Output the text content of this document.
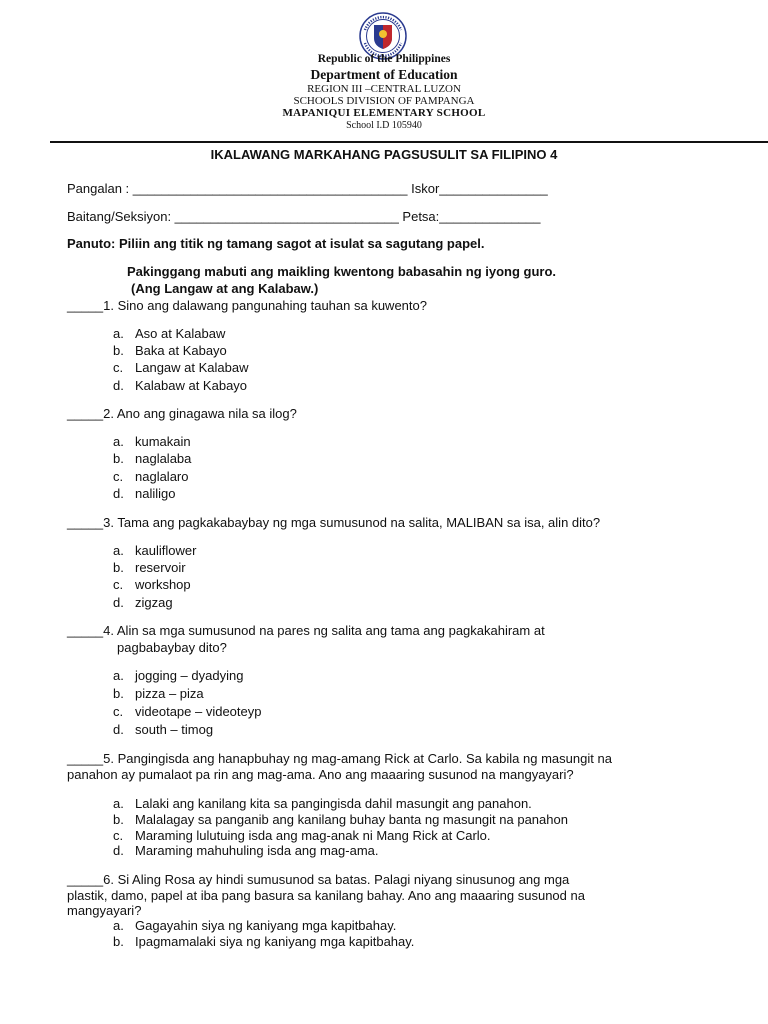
Republic of the Philippines
Department of Education
REGION III –CENTRAL LUZON
SCHOOLS DIVISION OF PAMPANGA
MAPANIQUI ELEMENTARY SCHOOL
School I.D 105940
IKALAWANG MARKAHANG PAGSUSULIT SA FILIPINO 4
Pangalan : ______________________________________ Iskor_______________
Baitang/Seksiyon: _______________________________ Petsa:______________
Panuto: Piliin ang titik ng tamang sagot at isulat sa sagutang papel.
Pakinggang mabuti ang maikling kwentong babasahin ng iyong guro.
(Ang Langaw at ang Kalabaw.)
_____1. Sino ang dalawang pangunahing tauhan sa kuwento?
a. Aso at Kalabaw
b. Baka at Kabayo
c. Langaw at Kalabaw
d. Kalabaw at Kabayo
_____2. Ano ang ginagawa nila sa ilog?
a. kumakain
b. naglalaba
c. naglalaro
d. naliligo
_____3. Tama ang pagkakabaybay ng mga sumusunod na salita, MALIBAN sa isa, alin dito?
a. kauliflower
b. reservoir
c. workshop
d. zigzag
_____4. Alin sa mga sumusunod na pares ng salita ang tama ang pagkakahiram at
pagbabaybay dito?
a. jogging – dyadying
b. pizza – piza
c. videotape – videoteyp
d. south – timog
_____5. Pangingisda ang hanapbuhay ng mag-amang Rick at Carlo. Sa kabila ng masungit na
panahon ay pumalaot pa rin ang mag-ama. Ano ang maaaring susunod na mangyayari?
a. Lalaki ang kanilang kita sa pangingisda dahil masungit ang panahon.
b. Malalagay sa panganib ang kanilang buhay banta ng masungit na panahon
c. Maraming lulutuing isda ang mag-anak ni Mang Rick at Carlo.
d. Maraming mahuhuling isda ang mag-ama.
_____6. Si Aling Rosa ay hindi sumusunod sa batas. Palagi niyang sinusunog ang mga
plastik, damo, papel at iba pang basura sa kanilang bahay. Ano ang maaaring susunod na
mangyayari?
a. Gagayahin siya ng kaniyang mga kapitbahay.
b. Ipagmamalaki siya ng kaniyang mga kapitbahay.
